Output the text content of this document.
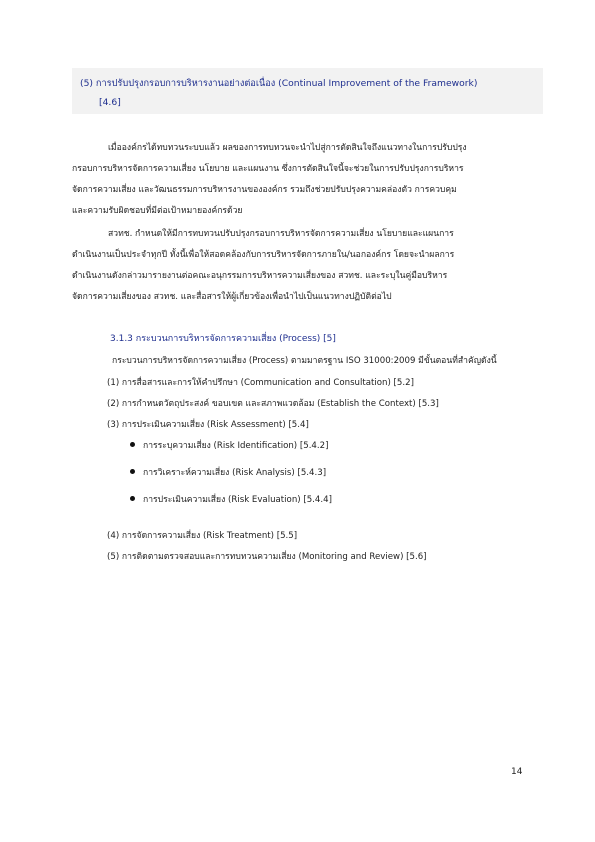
(5) การปรับปรุงกรอบการบริหารงานอย่างต่อเนื่อง (Continual Improvement of the Framework)
[4.6]
เมื่อองค์กรได้ทบทวนระบบแล้ว ผลของการทบทวนจะนำไปสู่การตัดสินใจถึงแนวทางในการปรับปรุง
กรอบการบริหารจัดการความเสี่ยง นโยบาย และแผนงาน ซึ่งการตัดสินใจนี้จะช่วยในการปรับปรุงการบริหาร
จัดการความเสี่ยง และวัฒนธรรมการบริหารงานขององค์กร รวมถึงช่วยปรับปรุงความคล่องตัว การควบคุม
และความรับผิดชอบที่มีต่อเป้าหมายองค์กรด้วย
สวทช. กำหนดให้มีการทบทวนปรับปรุงกรอบการบริหารจัดการความเสี่ยง นโยบายและแผนการ
ดำเนินงานเป็นประจำทุกปี ทั้งนี้เพื่อให้สอดคล้องกับการบริหารจัดการภายใน/นอกองค์กร โดยจะนำผลการ
ดำเนินงานดังกล่าวมารายงานต่อคณะอนุกรรมการบริหารความเสี่ยงของ สวทช. และระบุในคู่มือบริหาร
จัดการความเสี่ยงของ สวทช. และสื่อสารให้ผู้เกี่ยวข้องเพื่อนำไปเป็นแนวทางปฏิบัติต่อไป
3.1.3 กระบวนการบริหารจัดการความเสี่ยง (Process) [5]
กระบวนการบริหารจัดการความเสี่ยง (Process) ตามมาตรฐาน ISO 31000:2009 มีขั้นตอนที่สำคัญดังนี้
(1) การสื่อสารและการให้คำปรึกษา (Communication and Consultation) [5.2]
(2) การกำหนดวัตถุประสงค์ ขอบเขต และสภาพแวดล้อม (Establish the Context) [5.3]
(3) การประเมินความเสี่ยง (Risk Assessment) [5.4]
การระบุความเสี่ยง (Risk Identification) [5.4.2]
การวิเคราะห์ความเสี่ยง (Risk Analysis) [5.4.3]
การประเมินความเสี่ยง (Risk Evaluation) [5.4.4]
(4) การจัดการความเสี่ยง (Risk Treatment) [5.5]
(5) การติดตามตรวจสอบและการทบทวนความเสี่ยง (Monitoring and Review) [5.6]
14
